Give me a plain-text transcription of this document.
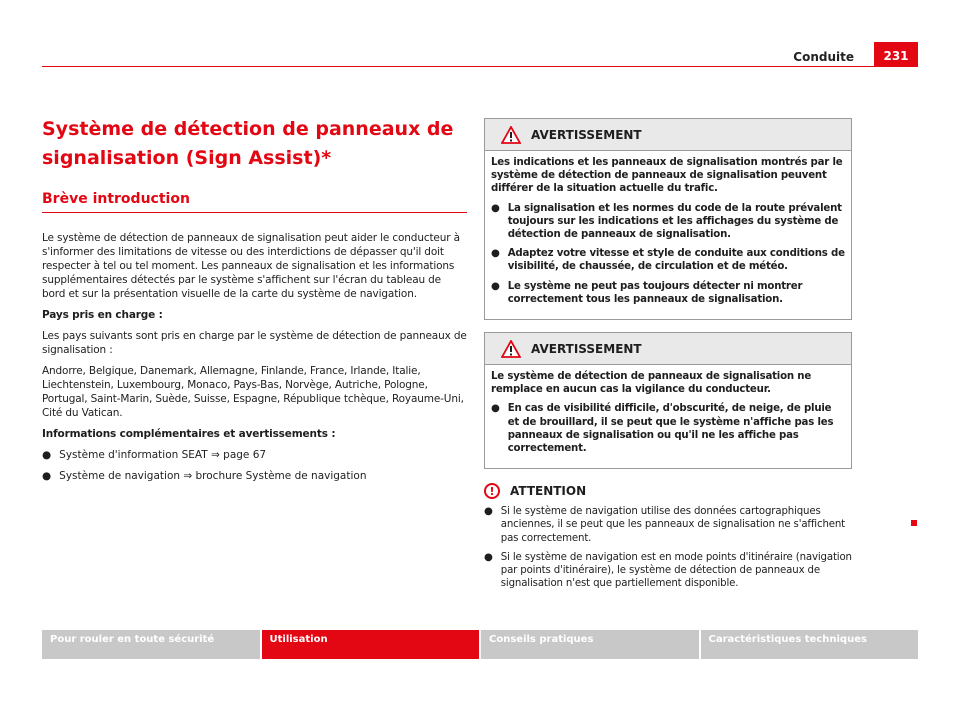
Conduite	231
Système de détection de panneaux de
signalisation (Sign Assist)*
Brève introduction

Le système de détection de panneaux de signalisation peut aider le conducteur à s'informer des limitations de vitesse ou des interdictions de dépasser qu'il doit respecter à tel ou tel moment. Les panneaux de signalisation et les informations supplémentaires détectés par le système s'affichent sur l'écran du tableau de bord et sur la présentation visuelle de la carte du système de navigation.

Pays pris en charge :

Les pays suivants sont pris en charge par le système de détection de panneaux de signalisation :

Andorre, Belgique, Danemark, Allemagne, Finlande, France, Irlande, Italie, Liechtenstein, Luxembourg, Monaco, Pays-Bas, Norvège, Autriche, Pologne, Portugal, Saint-Marin, Suède, Suisse, Espagne, République tchèque, Royaume-Uni, Cité du Vatican.

Informations complémentaires et avertissements :

● Système d'information SEAT ⇒ page 67
● Système de navigation ⇒ brochure Système de navigation
AVERTISSEMENT

Les indications et les panneaux de signalisation montrés par le système de détection de panneaux de signalisation peuvent différer de la situation actuelle du trafic.

● La signalisation et les normes du code de la route prévalent toujours sur les indications et les affichages du système de détection de panneaux de signalisation.
● Adaptez votre vitesse et style de conduite aux conditions de visibilité, de chaussée, de circulation et de météo.
● Le système ne peut pas toujours détecter ni montrer correctement tous les panneaux de signalisation.
AVERTISSEMENT

Le système de détection de panneaux de signalisation ne remplace en aucun cas la vigilance du conducteur.

● En cas de visibilité difficile, d'obscurité, de neige, de pluie et de brouillard, il se peut que le système n'affiche pas les panneaux de signalisation ou qu'il ne les affiche pas correctement.
!	ATTENTION
● Si le système de navigation utilise des données cartographiques anciennes, il se peut que les panneaux de signalisation ne s'affichent pas correctement.
● Si le système de navigation est en mode points d'itinéraire (navigation par points d'itinéraire), le système de détection de panneaux de signalisation n'est que partiellement disponible.
Pour rouler en toute sécurité	Utilisation	Conseils pratiques	Caractéristiques techniques
